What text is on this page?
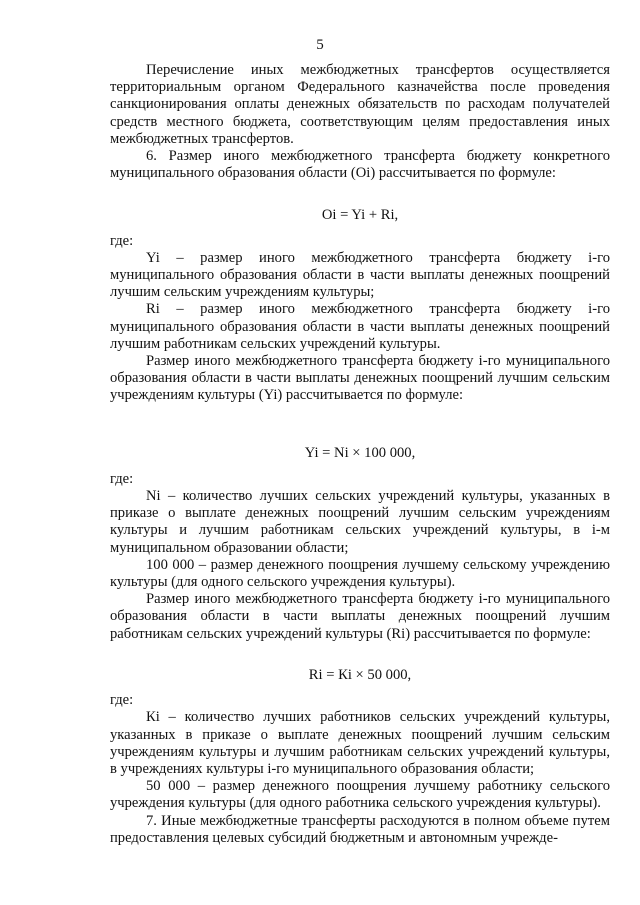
5

Перечисление иных межбюджетных трансфертов осуществляется территориальным органом Федерального казначейства после проведения санкционирования оплаты денежных обязательств по расходам получателей средств местного бюджета, соответствующим целям предоставления иных межбюджетных трансфертов.

6. Размер иного межбюджетного трансферта бюджету конкретного муниципального образования области (Oi) рассчитывается по формуле:

Oi = Yi + Ri,

где:

Yi – размер иного межбюджетного трансферта бюджету i-го муниципального образования области в части выплаты денежных поощрений лучшим сельским учреждениям культуры;

Ri – размер иного межбюджетного трансферта бюджету i-го муниципального образования области в части выплаты денежных поощрений лучшим работникам сельских учреждений культуры.

Размер иного межбюджетного трансферта бюджету i-го муниципального образования области в части выплаты денежных поощрений лучшим сельским учреждениям культуры (Yi) рассчитывается по формуле:

Yi = Ni × 100 000,

где:

Ni – количество лучших сельских учреждений культуры, указанных в приказе о выплате денежных поощрений лучшим сельским учреждениям культуры и лучшим работникам сельских учреждений культуры, в i-м муниципальном образовании области;

100 000 – размер денежного поощрения лучшему сельскому учреждению культуры (для одного сельского учреждения культуры).

Размер иного межбюджетного трансферта бюджету i-го муниципального образования области в части выплаты денежных поощрений лучшим работникам сельских учреждений культуры (Ri) рассчитывается по формуле:

Ri = Кi × 50 000,

где:

Кi – количество лучших работников сельских учреждений культуры, указанных в приказе о выплате денежных поощрений лучшим сельским учреждениям культуры и лучшим работникам сельских учреждений культуры, в учреждениях культуры i-го муниципального образования области;

50 000 – размер денежного поощрения лучшему работнику сельского учреждения культуры (для одного работника сельского учреждения культуры).

7. Иные межбюджетные трансферты расходуются в полном объеме путем предоставления целевых субсидий бюджетным и автономным учрежде-
